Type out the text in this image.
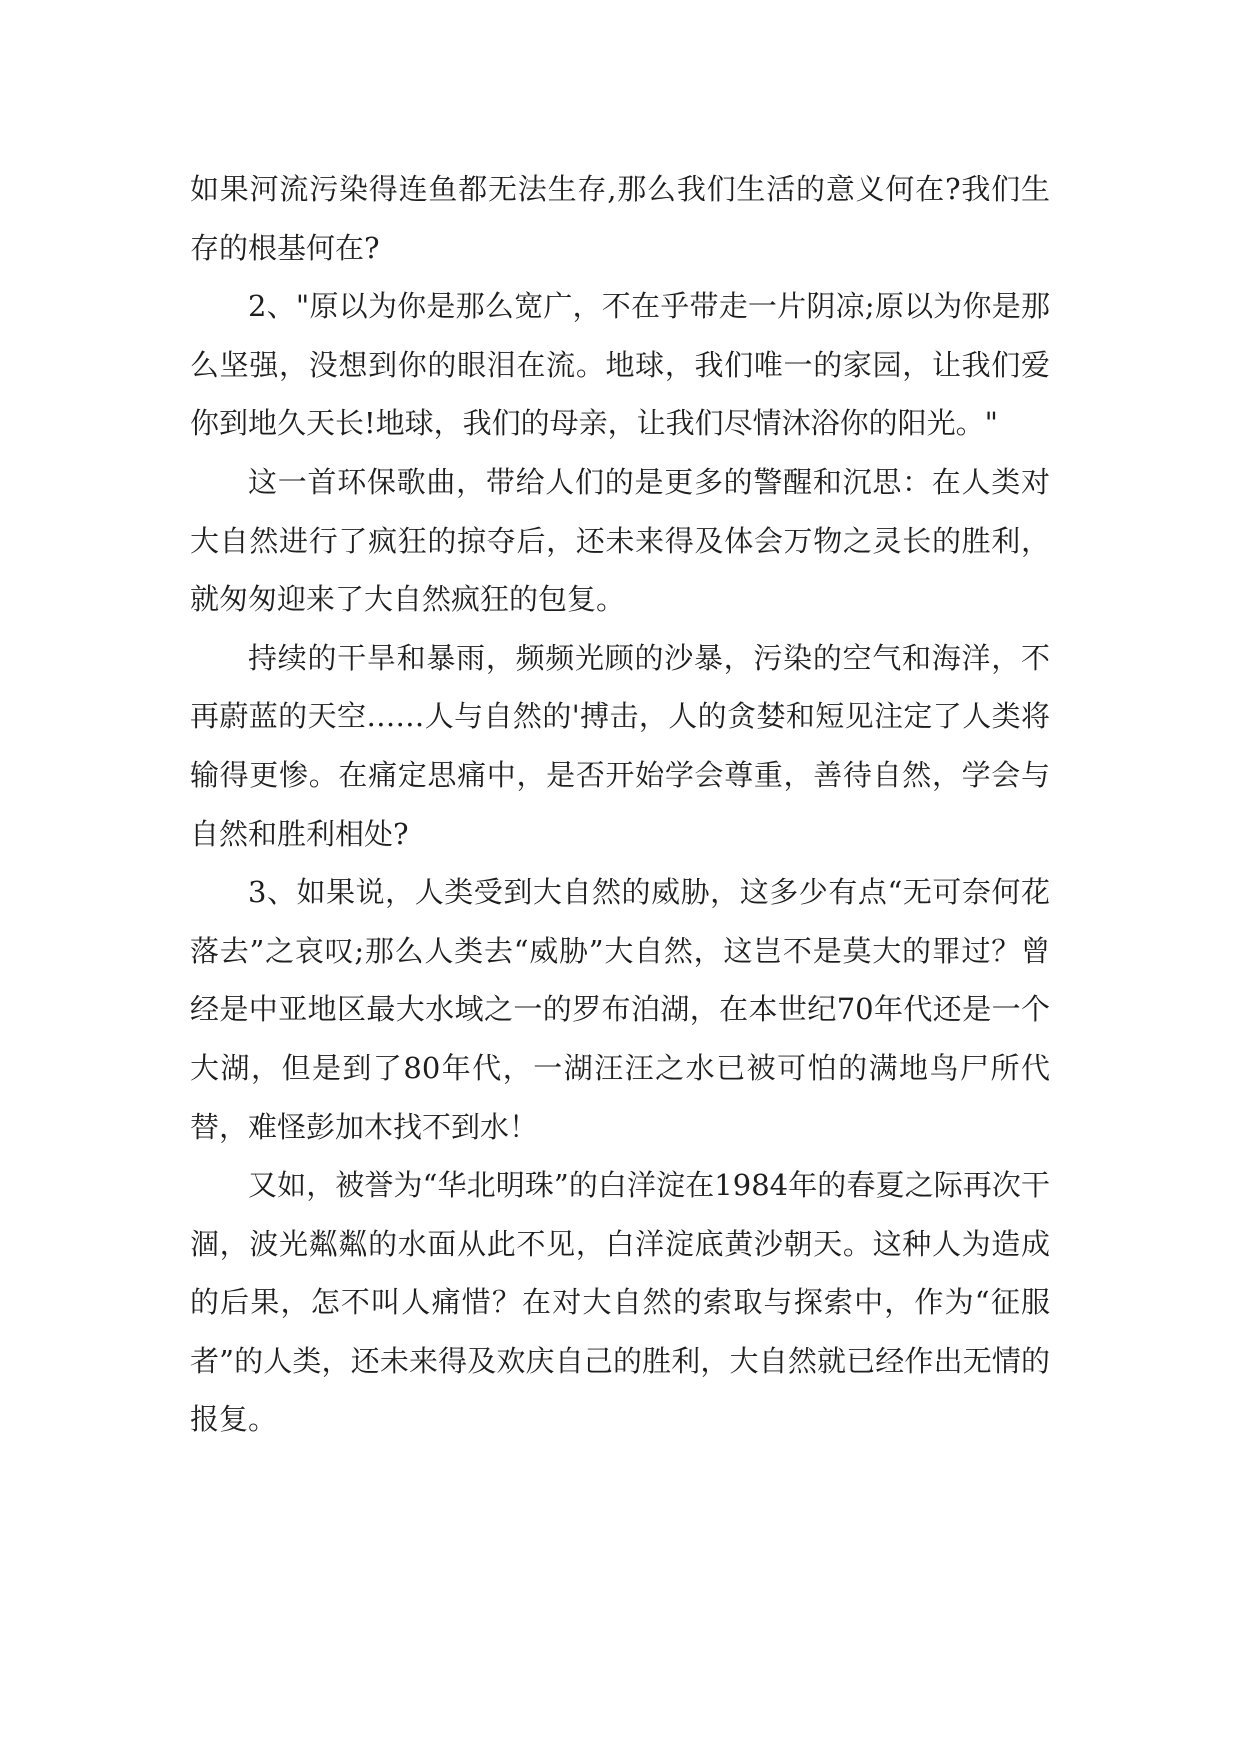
如果河流污染得连鱼都无法生存,那么我们生活的意义何在?我们生存的根基何在?

2、"原以为你是那么宽广，不在乎带走一片阴凉;原以为你是那么坚强，没想到你的眼泪在流。地球，我们唯一的家园，让我们爱你到地久天长!地球，我们的母亲，让我们尽情沐浴你的阳光。"

这一首环保歌曲，带给人们的是更多的警醒和沉思：在人类对大自然进行了疯狂的掠夺后，还未来得及体会万物之灵长的胜利，就匆匆迎来了大自然疯狂的包复。

持续的干旱和暴雨，频频光顾的沙暴，污染的空气和海洋，不再蔚蓝的天空……人与自然的'搏击，人的贪婪和短见注定了人类将输得更惨。在痛定思痛中，是否开始学会尊重，善待自然，学会与自然和胜利相处?

3、如果说，人类受到大自然的威胁，这多少有点“无可奈何花落去”之哀叹;那么人类去“威胁”大自然，这岂不是莫大的罪过？曾经是中亚地区最大水域之一的罗布泊湖，在本世纪70年代还是一个大湖，但是到了80年代，一湖汪汪之水已被可怕的满地鸟尸所代替，难怪彭加木找不到水！

又如，被誉为“华北明珠”的白洋淀在1984年的春夏之际再次干涸，波光粼粼的水面从此不见，白洋淀底黄沙朝天。这种人为造成的后果，怎不叫人痛惜？在对大自然的索取与探索中，作为“征服者”的人类，还未来得及欢庆自己的胜利，大自然就已经作出无情的报复。
